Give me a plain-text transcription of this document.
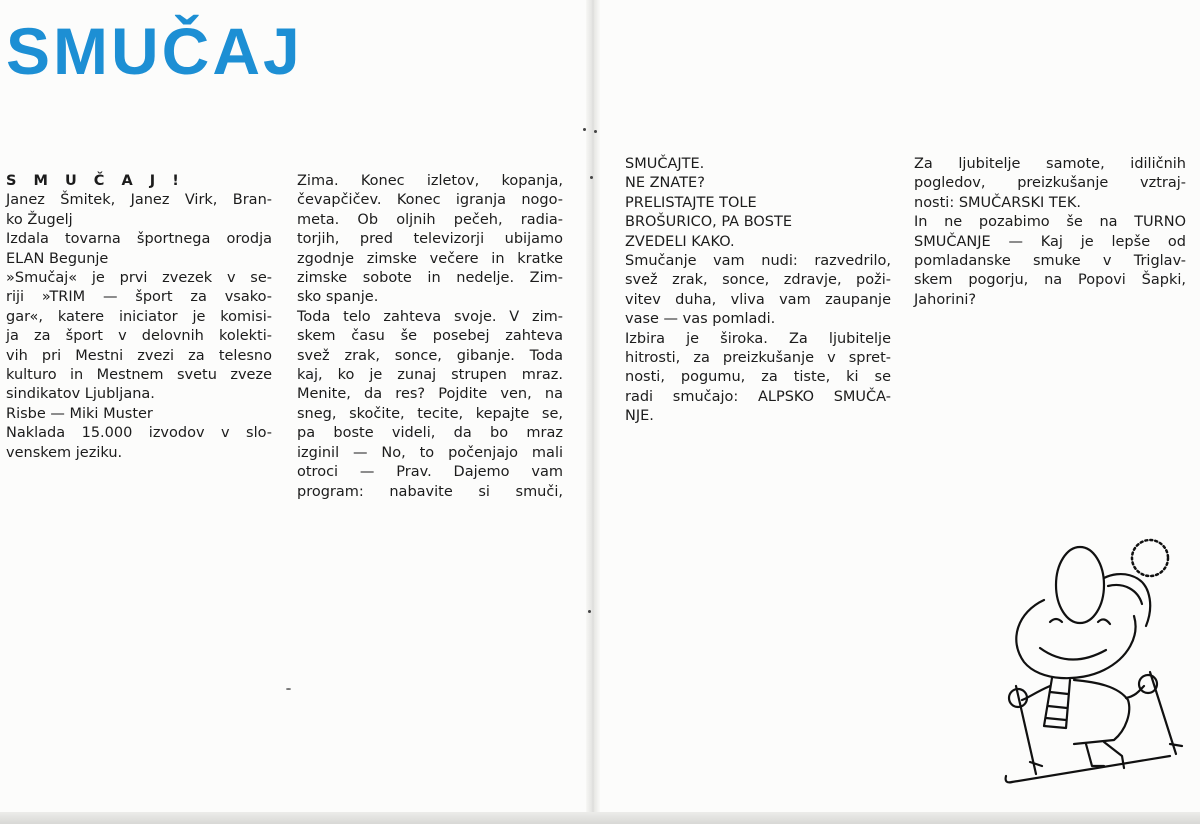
SMUČAJ
S M U Č A J !
Janez Šmitek, Janez Virk, Bran-
ko Žugelj
Izdala tovarna športnega orodja
ELAN Begunje
»Smučaj« je prvi zvezek v se-
riji »TRIM — šport za vsako-
gar«, katere iniciator je komisi-
ja za šport v delovnih kolekti-
vih pri Mestni zvezi za telesno
kulturo in Mestnem svetu zveze
sindikatov Ljubljana.
Risbe — Miki Muster
Naklada 15.000 izvodov v slo-
venskem jeziku.
Zima. Konec izletov, kopanja,
čevapčičev. Konec igranja nogo-
meta. Ob oljnih pečeh, radia-
torjih, pred televizorji ubijamo
zgodnje zimske večere in kratke
zimske sobote in nedelje. Zim-
sko spanje.
Toda telo zahteva svoje. V zim-
skem času še posebej zahteva
svež zrak, sonce, gibanje. Toda
kaj, ko je zunaj strupen mraz.
Menite, da res? Pojdite ven, na
sneg, skočite, tecite, kepajte se,
pa boste videli, da bo mraz
izginil — No, to počenjajo mali
otroci — Prav. Dajemo vam
program: nabavite si smuči,
SMUČAJTE.
NE ZNATE?
PRELISTAJTE TOLE
BROŠURICO, PA BOSTE
ZVEDELI KAKO.
Smučanje vam nudi: razvedrilo,
svež zrak, sonce, zdravje, poži-
vitev duha, vliva vam zaupanje
vase — vas pomladi.
Izbira je široka. Za ljubitelje
hitrosti, za preizkušanje v spret-
nosti, pogumu, za tiste, ki se
radi smučajo: ALPSKO SMUČA-
NJE.
Za ljubitelje samote, idiličnih
pogledov, preizkušanje vztraj-
nosti: SMUČARSKI TEK.
In ne pozabimo še na TURNO
SMUČANJE — Kaj je lepše od
pomladanske smuke v Triglav-
skem pogorju, na Popovi Šapki,
Jahorini?
